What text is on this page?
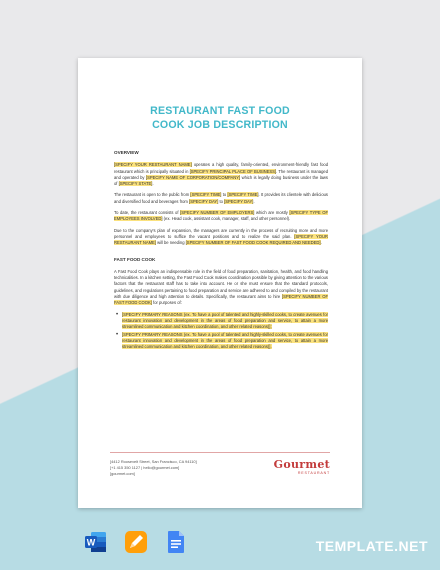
RESTAURANT FAST FOOD
COOK JOB DESCRIPTION
OVERVIEW

[SPECIFY YOUR RESTAURANT NAME] operates a high quality, family-oriented, environment-friendly fast food restaurant which is principally situated in [SPECIFY PRINCIPAL PLACE OF BUSINESS]. The restaurant is managed and operated by [SPECIFY NAME OF CORPORATION/COMPANY] which is legally doing business under the laws of [SPECIFY STATE].

The restaurant is open to the public from [SPECIFY TIME] to [SPECIFY TIME]. It provides its clientele with delicious and diversified food and beverages from [SPECIFY DAY] to [SPECIFY DAY].

To date, the restaurant consists of [SPECIFY NUMBER OF EMPLOYERS] which are mostly [SPECIFY TYPE OF EMPLOYEES INVOLVED] (ex. Head cook, assistant cook, manager, staff, and other personnel).

Due to the company's plan of expansion, the managers are currently in the process of recruiting more and more personnel and employees to suffice the vacant positions and to realize the said plan. [SPECIFY YOUR RESTAURANT NAME] will be needing [SPECIFY NUMBER OF FAST FOOD COOK REQUIRED AND NEEDED].

FAST FOOD COOK

A Fast Food Cook plays an indispensable role in the field of food preparation, sanitation, health, and food handling technicalities. In a kitchen setting, the Fast Food Cook makes coordination possible by giving attention to the various factors that the restaurant staff has to take into account. He or she must ensure that the standard protocols, guidelines, and regulations pertaining to food preparation and service are adhered to and compiled by the restaurant with due diligence and high attention to details. Specifically, the restaurant aims to hire [SPECIFY NUMBER OF FAST FOOD COOK] for purposes of:

• [SPECIFY PRIMARY REASONS (ex. To have a pool of talented and highly-skilled cooks, to create avenues for restaurant innovation and development in the areas of food preparation and service, to attain a more streamlined communication and kitchen coordination, and other related reasons)];
• [SPECIFY PRIMARY REASONS (ex. To have a pool of talented and highly-skilled cooks, to create avenues for restaurant innovation and development in the areas of food preparation and service, to attain a more streamlined communication and kitchen coordination, and other related reasons)].
[4412 Roosevelt Street, San Francisco, CA 94110]
[+1 415 350 1127 | hello@gourmet.com]
[gourmet.com]
Gourmet
RESTAURANT
W	TEMPLATE.NET
